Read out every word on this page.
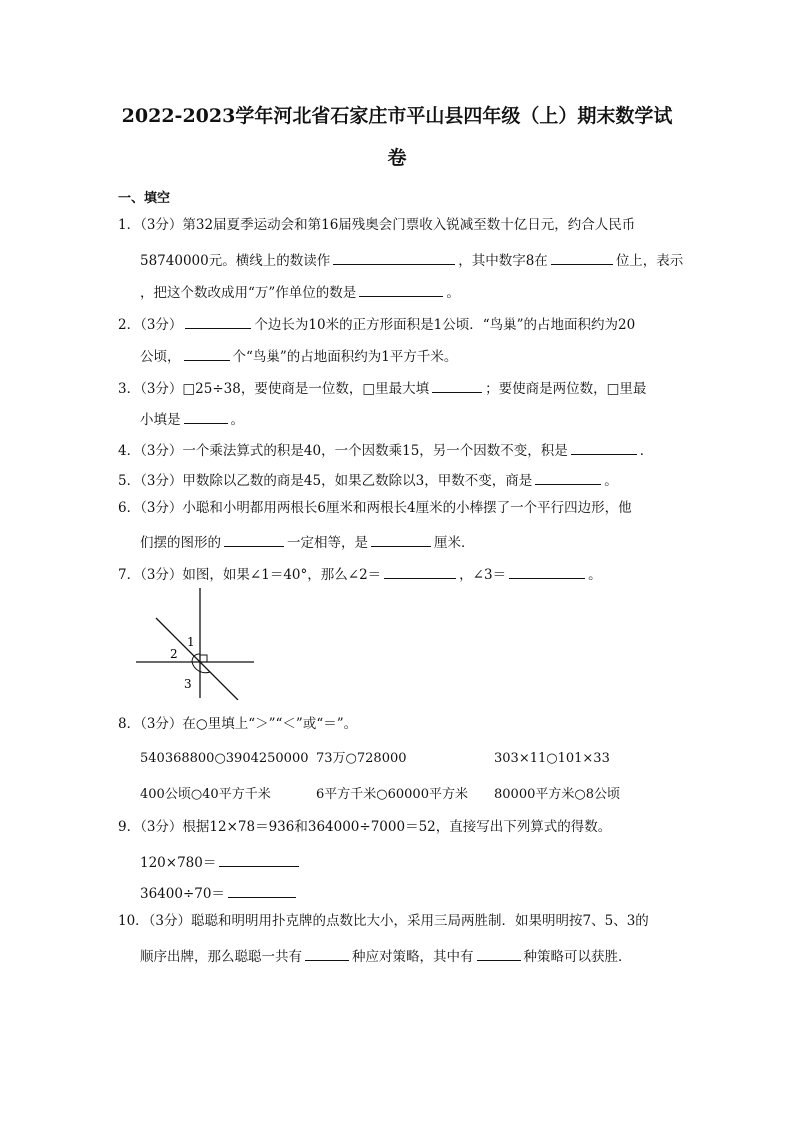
2022-2023学年河北省石家庄市平山县四年级（上）期末数学试
卷
一、填空
1．（3分）第32届夏季运动会和第16届残奥会门票收入锐减至数十亿日元，约合人民币
58740000元。横线上的数读作	，其中数字8在	位上，表示
，把这个数改成用“万”作单位的数是	。
2．（3分）	个边长为10米的正方形面积是1公顷．“鸟巢”的占地面积约为20
公顷，	个“鸟巢”的占地面积约为1平方千米。
3．（3分）□25÷38，要使商是一位数，□里最大填	；要使商是两位数，□里最
小填是	。
4．（3分）一个乘法算式的积是40，一个因数乘15，另一个因数不变，积是	．
5．（3分）甲数除以乙数的商是45，如果乙数除以3，甲数不变，商是	。
6．（3分）小聪和小明都用两根长6厘米和两根长4厘米的小棒摆了一个平行四边形，他
们摆的图形的	一定相等，是	厘米．
7．（3分）如图，如果∠1＝40°，那么∠2＝	，∠3＝	。
1
2
3
8．（3分）在○里填上“＞”“＜”或“＝”。
540368800○3904250000 73万○728000	303×11○101×33
400公顷○40平方千米	6平方千米○60000平方米 80000平方米○8公顷
9．（3分）根据12×78＝936和364000÷7000＝52，直接写出下列算式的得数。
120×780＝
36400÷70＝
10．（3分）聪聪和明明用扑克牌的点数比大小，采用三局两胜制．如果明明按7、5、3的
顺序出牌，那么聪聪一共有	种应对策略，其中有	种策略可以获胜．
